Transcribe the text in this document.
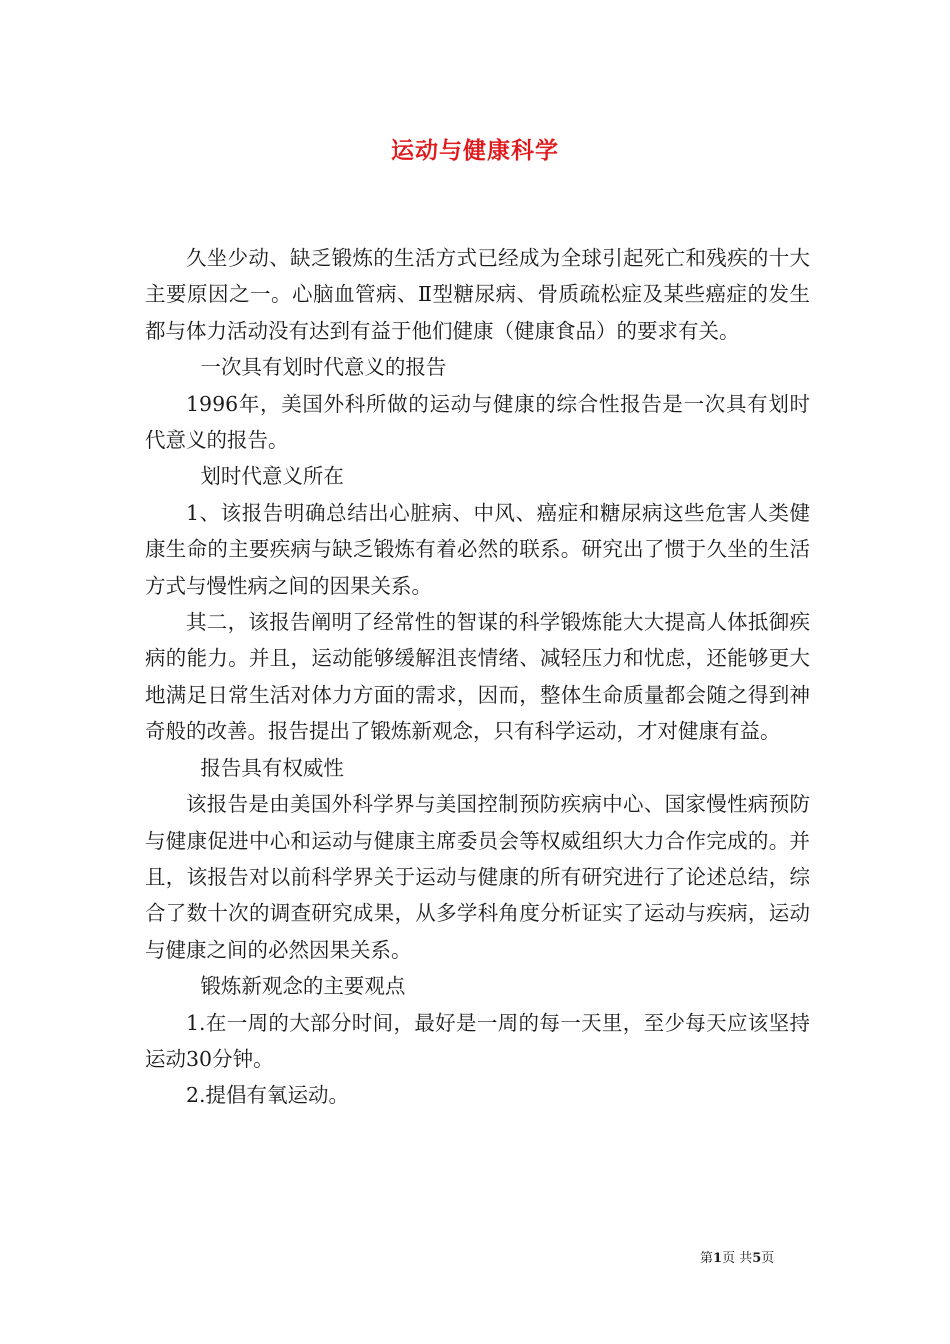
运动与健康科学

久坐少动、缺乏锻炼的生活方式已经成为全球引起死亡和残疾的十大主要原因之一。心脑血管病、Ⅱ型糖尿病、骨质疏松症及某些癌症的发生都与体力活动没有达到有益于他们健康（健康食品）的要求有关。

一次具有划时代意义的报告

1996年，美国外科所做的运动与健康的综合性报告是一次具有划时代意义的报告。

划时代意义所在

1、该报告明确总结出心脏病、中风、癌症和糖尿病这些危害人类健康生命的主要疾病与缺乏锻炼有着必然的联系。研究出了惯于久坐的生活方式与慢性病之间的因果关系。

其二，该报告阐明了经常性的智谋的科学锻炼能大大提高人体抵御疾病的能力。并且，运动能够缓解沮丧情绪、减轻压力和忧虑，还能够更大地满足日常生活对体力方面的需求，因而，整体生命质量都会随之得到神奇般的改善。报告提出了锻炼新观念，只有科学运动，才对健康有益。

报告具有权威性

该报告是由美国外科学界与美国控制预防疾病中心、国家慢性病预防与健康促进中心和运动与健康主席委员会等权威组织大力合作完成的。并且，该报告对以前科学界关于运动与健康的所有研究进行了论述总结，综合了数十次的调查研究成果，从多学科角度分析证实了运动与疾病，运动与健康之间的必然因果关系。

锻炼新观念的主要观点

1.在一周的大部分时间，最好是一周的每一天里，至少每天应该坚持运动30分钟。

2.提倡有氧运动。

第1页 共5页
